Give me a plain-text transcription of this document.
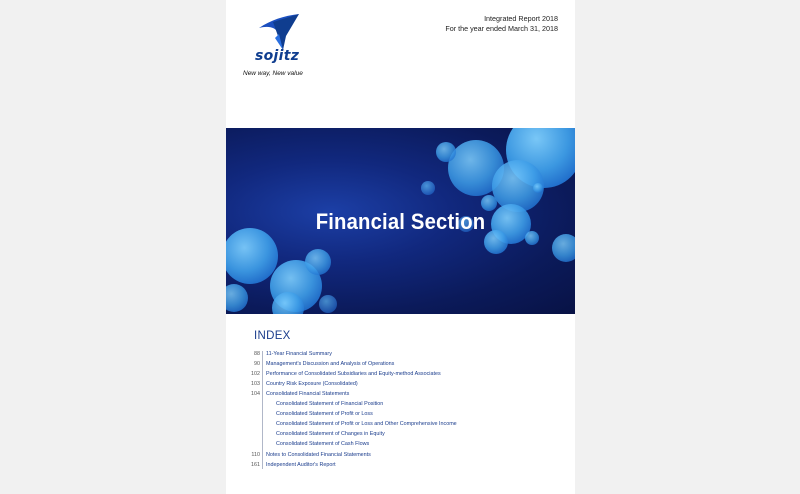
sojitz
New way, New value
Integrated Report 2018
For the year ended March 31, 2018
Financial Section
INDEX
88 11-Year Financial Summary
90 Management's Discussion and Analysis of Operations
102 Performance of Consolidated Subsidiaries and Equity-method Associates
103 Country Risk Exposure (Consolidated)
104 Consolidated Financial Statements
Consolidated Statement of Financial Position
Consolidated Statement of Profit or Loss
Consolidated Statement of Profit or Loss and Other Comprehensive Income
Consolidated Statement of Changes in Equity
Consolidated Statement of Cash Flows
110 Notes to Consolidated Financial Statements
161 Independent Auditor's Report
